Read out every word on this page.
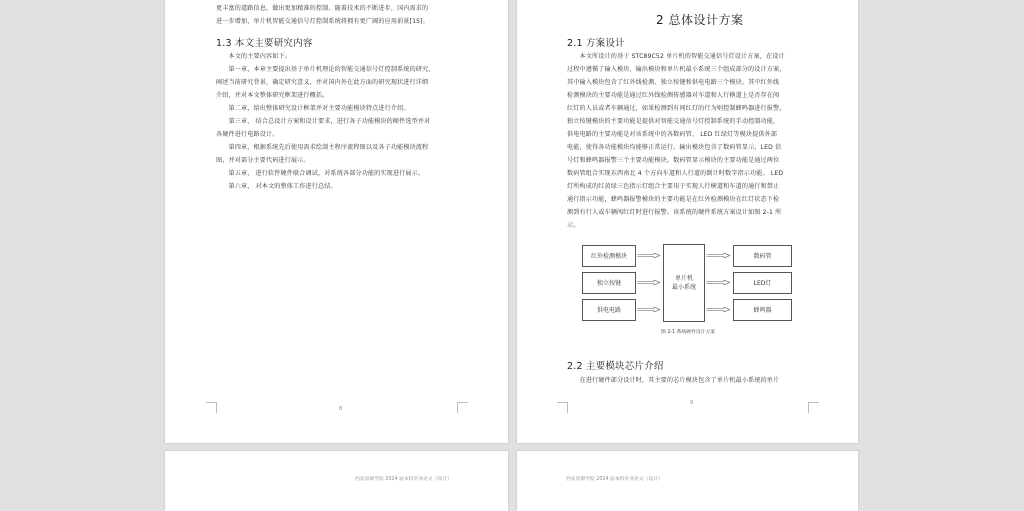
更丰富的道路信息，做出更加精准的控制。随着技术的不断进步，国内需求的
进一步增加，单片机智能交通信号灯控制系统将拥有更广阔的应用前景[15]。
1.3 本文主要研究内容
本文的主要内容如下。
第一章，本章主要提出基于单片机理论的智能交通信号灯控制系统的研究，
阐述当前研究背景，确定研究意义，并对国内外在此方面的研究现状进行详细
介绍，并对本文整体研究框架进行概括。
第二章，给出整体研究设计框架并对主要功能模块特点进行介绍。
第三章， 结合总设计方案和设计要求，进行各子功能模块的硬件选型并对
各硬件进行电路设计。
第四章，根据系统先后使用需求绘制主程序流程图以及各子功能模块流程
图，并对部分主要代码进行展示。
第五章， 进行软件硬件联合调试，对系统各部分功能的实现进行展示。
第六章， 对本文的整体工作进行总结。
8
2 总体设计方案
2.1 方案设计
本文所设计的基于 STC89C52 单片机的智能交通信号灯设计方案，在设计
过程中遵循了输入模块，输出模块和单片机最小系统三个组成部分的设计方案，
其中输入模块包含了红外线检测、独立按键和供电电路三个模块。其中红外线
检测模块的主要功能是通过红外线检测传感器对车道和人行横道上是否存在闯
红灯的人员或者车辆通过，如果检测到有闯红灯的行为则控制蜂鸣器进行报警，
独立按键模块的主要功能是提供对智能交通信号灯控制系统的手动控制功能，
供电电路的主要功能是对该系统中的各数码管、 LED 红绿灯等模块提供外部
电能，使得各功能模块均能够正常运行。输出模块包含了数码管显示、LED 信
号灯和蜂鸣器报警三个主要功能模块。数码管显示模块的主要功能是通过两位
数码管组合实现东西南北 4 个方向车道和人行道的倒计时数字指示功能。 LED
灯所构成的红黄绿三色指示灯组合主要用于实现人行横道和车道的通行和禁止
通行指示功能，蜂鸣器报警模块的主要功能是在红外检测模块在红灯状态下检
测到有行人或车辆闯红灯时进行报警。该系统的硬件系统方案设计如图 2-1 所
示。
红外检测模块
独立按键
供电电路
单片机
最小系统
数码管
LED灯
蜂鸣器
图 2-1 系统硬件设计方案
2.2 主要模块芯片介绍
在进行硬件部分设计时，其主要的芯片模块包含了单片机最小系统的单片
9
西安思源学院 2024 届本科毕业论文（设计）	西安思源学院 2024 届本科毕业论文（设计）
